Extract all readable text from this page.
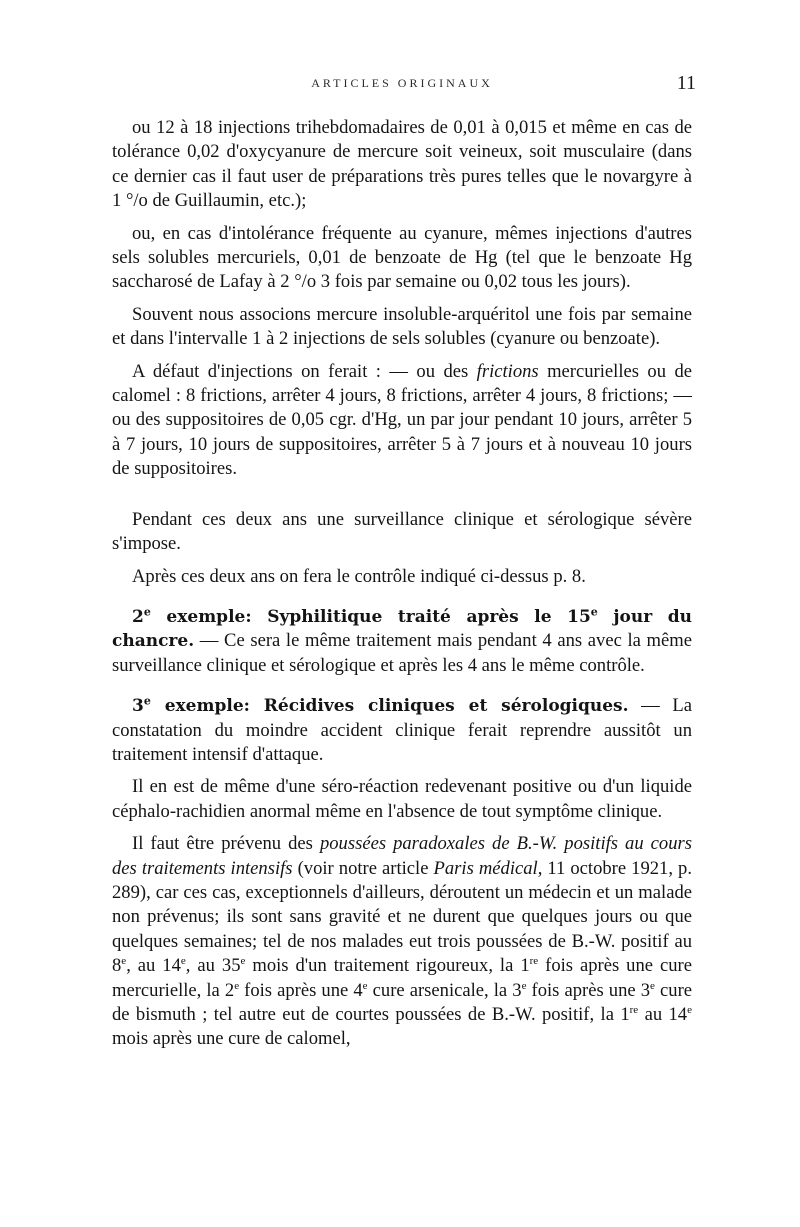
ARTICLES ORIGINAUX	11

ou 12 à 18 injections trihebdomadaires de 0,01 à 0,015 et même en cas de tolérance 0,02 d'oxycyanure de mercure soit veineux, soit musculaire (dans ce dernier cas il faut user de préparations très pures telles que le novargyre à 1 °/o de Guillaumin, etc.);

ou, en cas d'intolérance fréquente au cyanure, mêmes injections d'autres sels solubles mercuriels, 0,01 de benzoate de Hg (tel que le benzoate Hg saccharosé de Lafay à 2 °/o 3 fois par semaine ou 0,02 tous les jours).

Souvent nous associons mercure insoluble-arquéritol une fois par semaine et dans l'intervalle 1 à 2 injections de sels solubles (cyanure ou benzoate).

A défaut d'injections on ferait : — ou des frictions mercurielles ou de calomel : 8 frictions, arrêter 4 jours, 8 frictions, arrêter 4 jours, 8 frictions; — ou des suppositoires de 0,05 cgr. d'Hg, un par jour pendant 10 jours, arrêter 5 à 7 jours, 10 jours de suppositoires, arrêter 5 à 7 jours et à nouveau 10 jours de suppositoires.

Pendant ces deux ans une surveillance clinique et sérologique sévère s'impose.

Après ces deux ans on fera le contrôle indiqué ci-dessus p. 8.

2e exemple: Syphilitique traité après le 15e jour du chancre. — Ce sera le même traitement mais pendant 4 ans avec la même surveillance clinique et sérologique et après les 4 ans le même contrôle.

3e exemple: Récidives cliniques et sérologiques. — La constatation du moindre accident clinique ferait reprendre aussitôt un traitement intensif d'attaque.

Il en est de même d'une séro-réaction redevenant positive ou d'un liquide céphalo-rachidien anormal même en l'absence de tout symptôme clinique.

Il faut être prévenu des poussées paradoxales de B.-W. positifs au cours des traitements intensifs (voir notre article Paris médical, 11 octobre 1921, p. 289), car ces cas, exceptionnels d'ailleurs, déroutent un médecin et un malade non prévenus; ils sont sans gravité et ne durent que quelques jours ou que quelques semaines; tel de nos malades eut trois poussées de B.-W. positif au 8e, au 14e, au 35e mois d'un traitement rigoureux, la 1re fois après une cure mercurielle, la 2e fois après une 4e cure arsenicale, la 3e fois après une 3e cure de bismuth ; tel autre eut de courtes poussées de B.-W. positif, la 1re au 14e mois après une cure de calomel,
